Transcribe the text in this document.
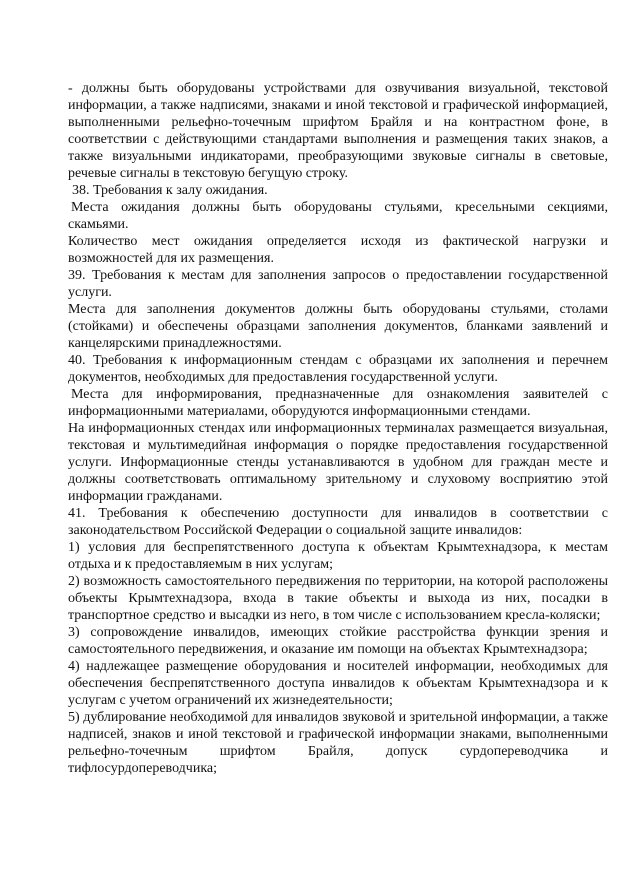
- должны быть оборудованы устройствами для озвучивания визуальной, текстовой информации, а также надписями, знаками и иной текстовой и графической информацией, выполненными рельефно-точечным шрифтом Брайля и на контрастном фоне, в соответствии с действующими стандартами выполнения и размещения таких знаков, а также визуальными индикаторами, преобразующими звуковые сигналы в световые, речевые сигналы в текстовую бегущую строку.

38. Требования к залу ожидания.

Места ожидания должны быть оборудованы стульями, кресельными секциями, скамьями.

Количество мест ожидания определяется исходя из фактической нагрузки и возможностей для их размещения.

39. Требования к местам для заполнения запросов о предоставлении государственной услуги.

Места для заполнения документов должны быть оборудованы стульями, столами (стойками) и обеспечены образцами заполнения документов, бланками заявлений и канцелярскими принадлежностями.

40. Требования к информационным стендам с образцами их заполнения и перечнем документов, необходимых для предоставления государственной услуги.

Места для информирования, предназначенные для ознакомления заявителей с информационными материалами, оборудуются информационными стендами.

На информационных стендах или информационных терминалах размещается визуальная, текстовая и мультимедийная информация о порядке предоставления государственной услуги. Информационные стенды устанавливаются в удобном для граждан месте и должны соответствовать оптимальному зрительному и слуховому восприятию этой информации гражданами.

41. Требования к обеспечению доступности для инвалидов в соответствии с законодательством Российской Федерации о социальной защите инвалидов:

1) условия для беспрепятственного доступа к объектам Крымтехнадзора, к местам отдыха и к предоставляемым в них услугам;

2) возможность самостоятельного передвижения по территории, на которой расположены объекты Крымтехнадзора, входа в такие объекты и выхода из них, посадки в транспортное средство и высадки из него, в том числе с использованием кресла-коляски;

3) сопровождение инвалидов, имеющих стойкие расстройства функции зрения и самостоятельного передвижения, и оказание им помощи на объектах Крымтехнадзора;

4) надлежащее размещение оборудования и носителей информации, необходимых для обеспечения беспрепятственного доступа инвалидов к объектам Крымтехнадзора и к услугам с учетом ограничений их жизнедеятельности;

5) дублирование необходимой для инвалидов звуковой и зрительной информации, а также надписей, знаков и иной текстовой и графической информации знаками, выполненными рельефно-точечным шрифтом Брайля, допуск сурдопереводчика и тифлосурдопереводчика;
